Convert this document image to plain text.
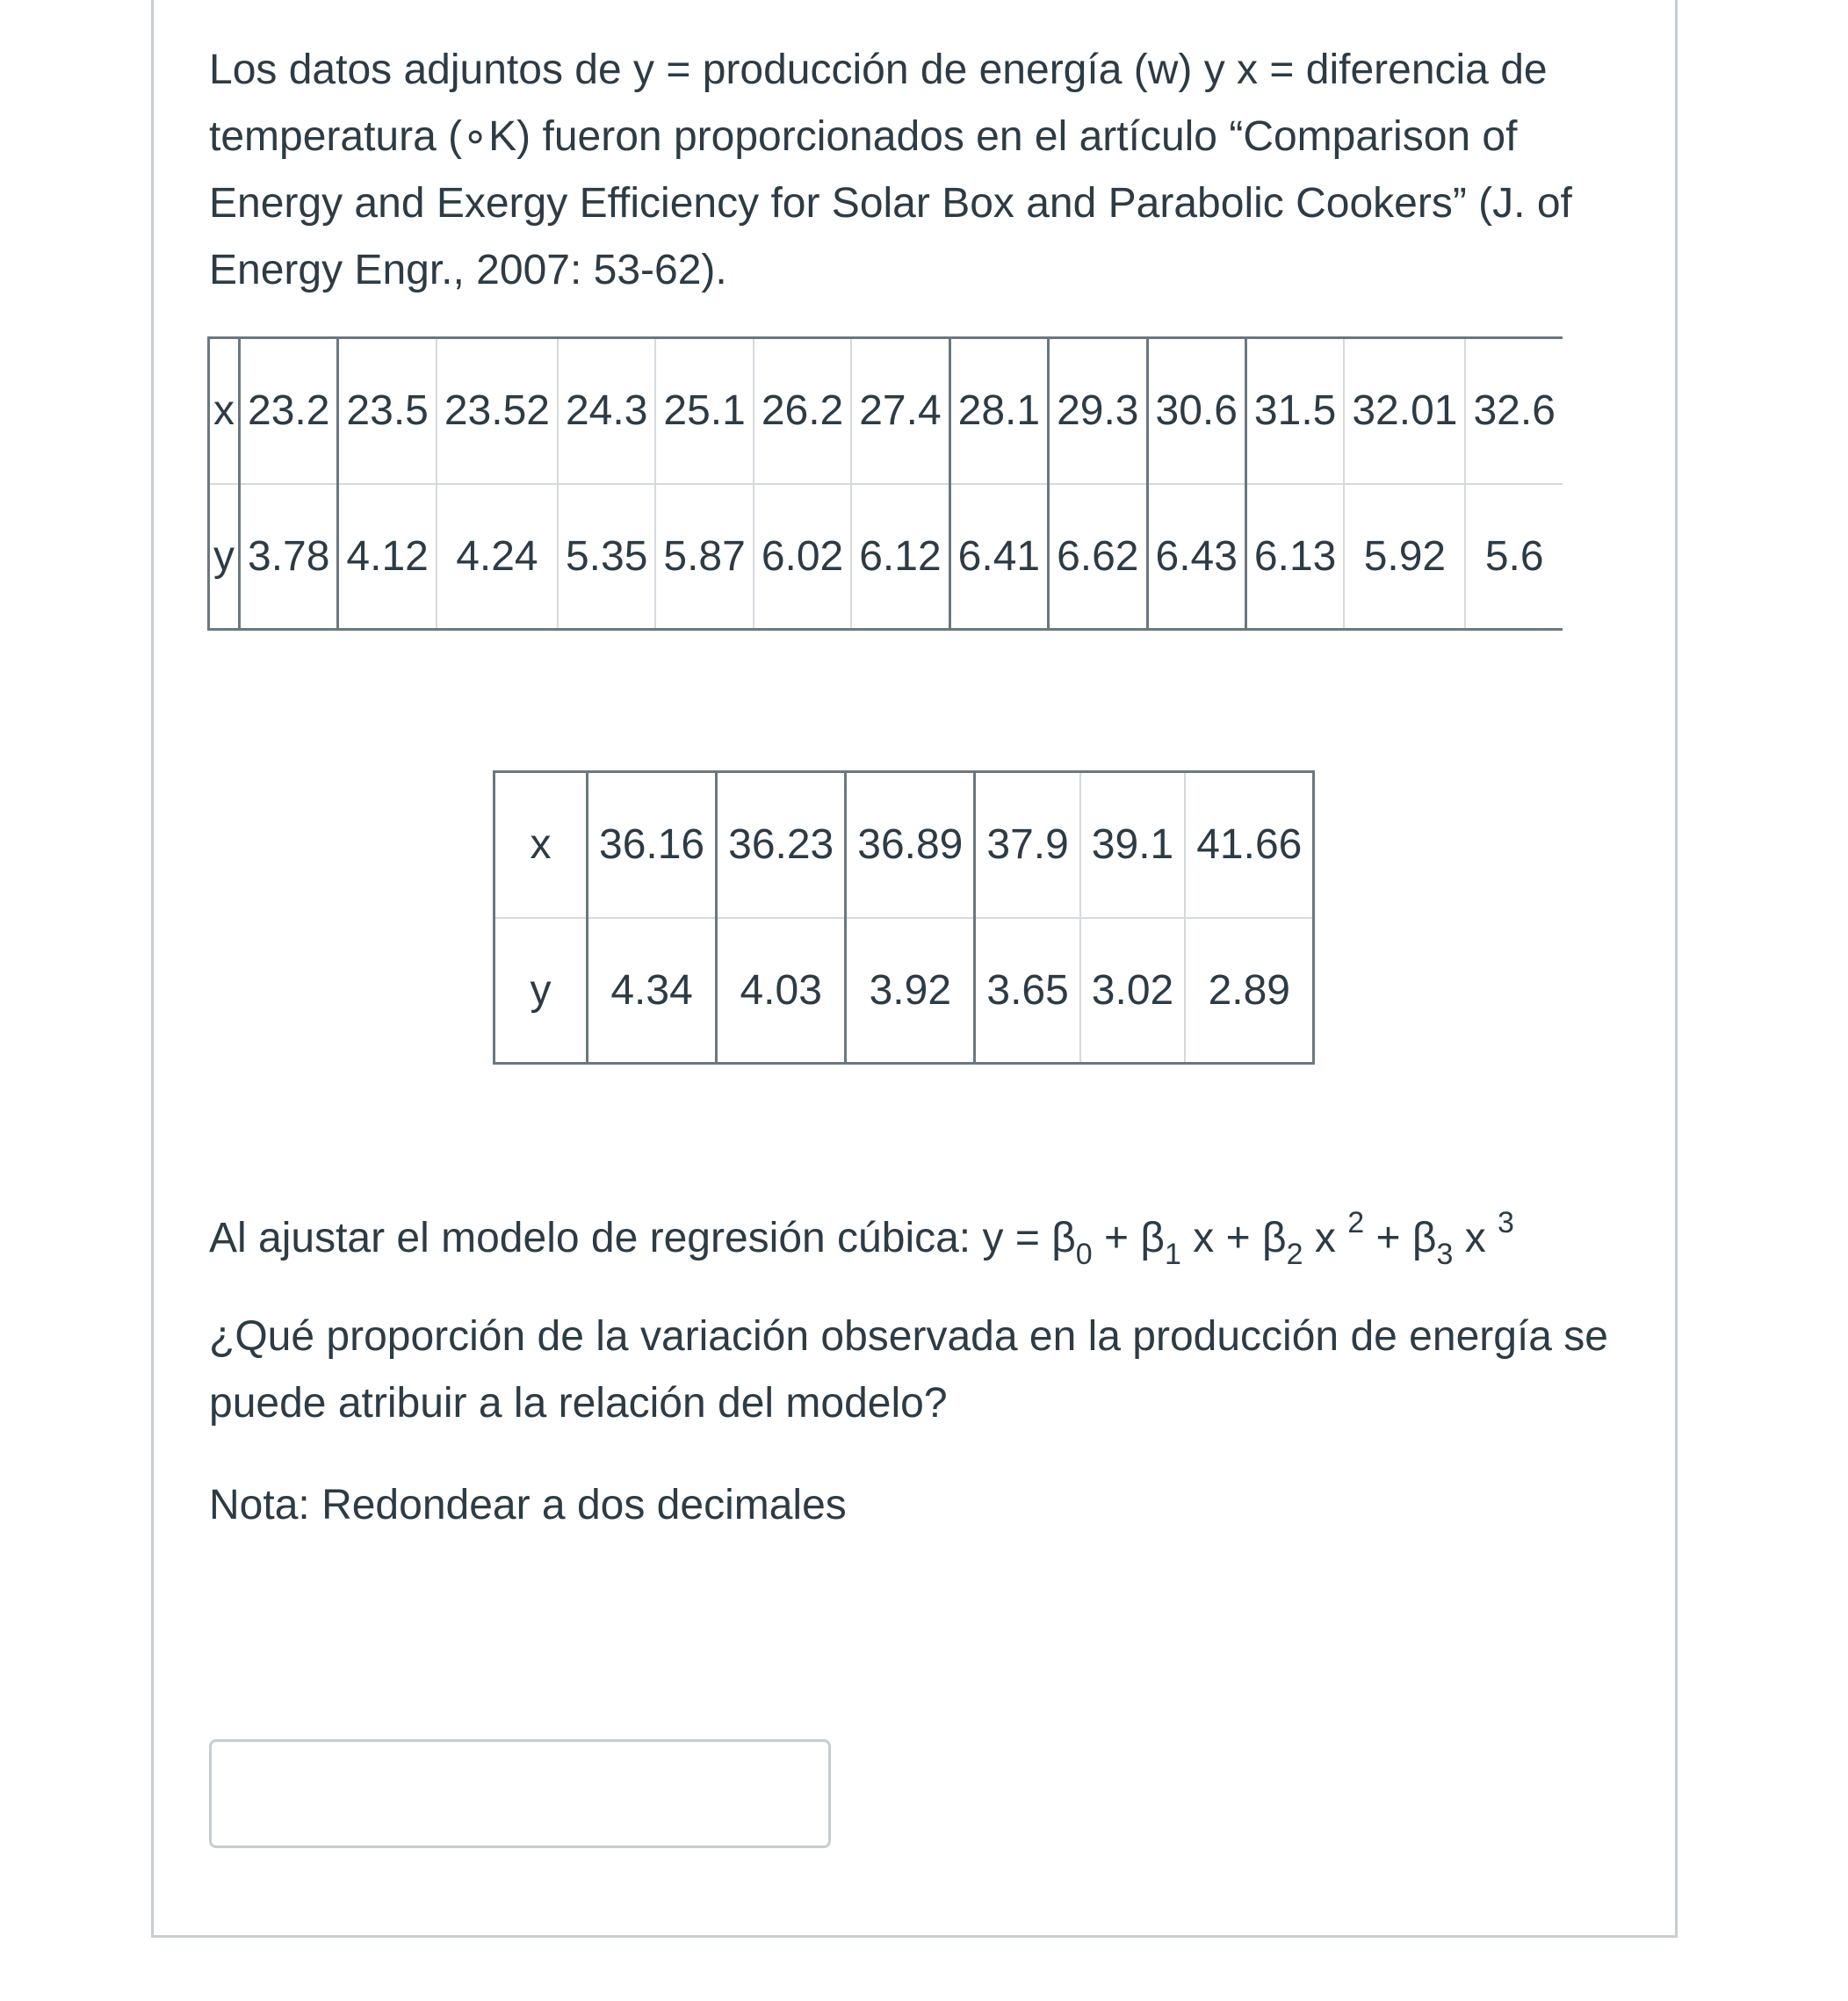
Los datos adjuntos de y = producción de energía (w) y x = diferencia de temperatura (∘K) fueron proporcionados en el artículo “Comparison of Energy and Exergy Efficiency for Solar Box and Parabolic Cookers” (J. of Energy Engr., 2007: 53-62).

x	23.2	23.5	23.52	24.3	25.1	26.2	27.4	28.1	29.3	30.6	31.5	32.01	32.6
y	3.78	4.12	4.24	5.35	5.87	6.02	6.12	6.41	6.62	6.43	6.13	5.92	5.6
x	36.16	36.23	36.89	37.9	39.1	41.66
y	4.34	4.03	3.92	3.65	3.02	2.89

Al ajustar el modelo de regresión cúbica: $y = \beta_0 + \beta_1$ $x + \beta_2$ x $^2 + \beta_3$ x $^3$

¿Qué proporción de la variación observada en la producción de energía se puede atribuir a la relación del modelo?

Nota: Redondear a dos decimales
